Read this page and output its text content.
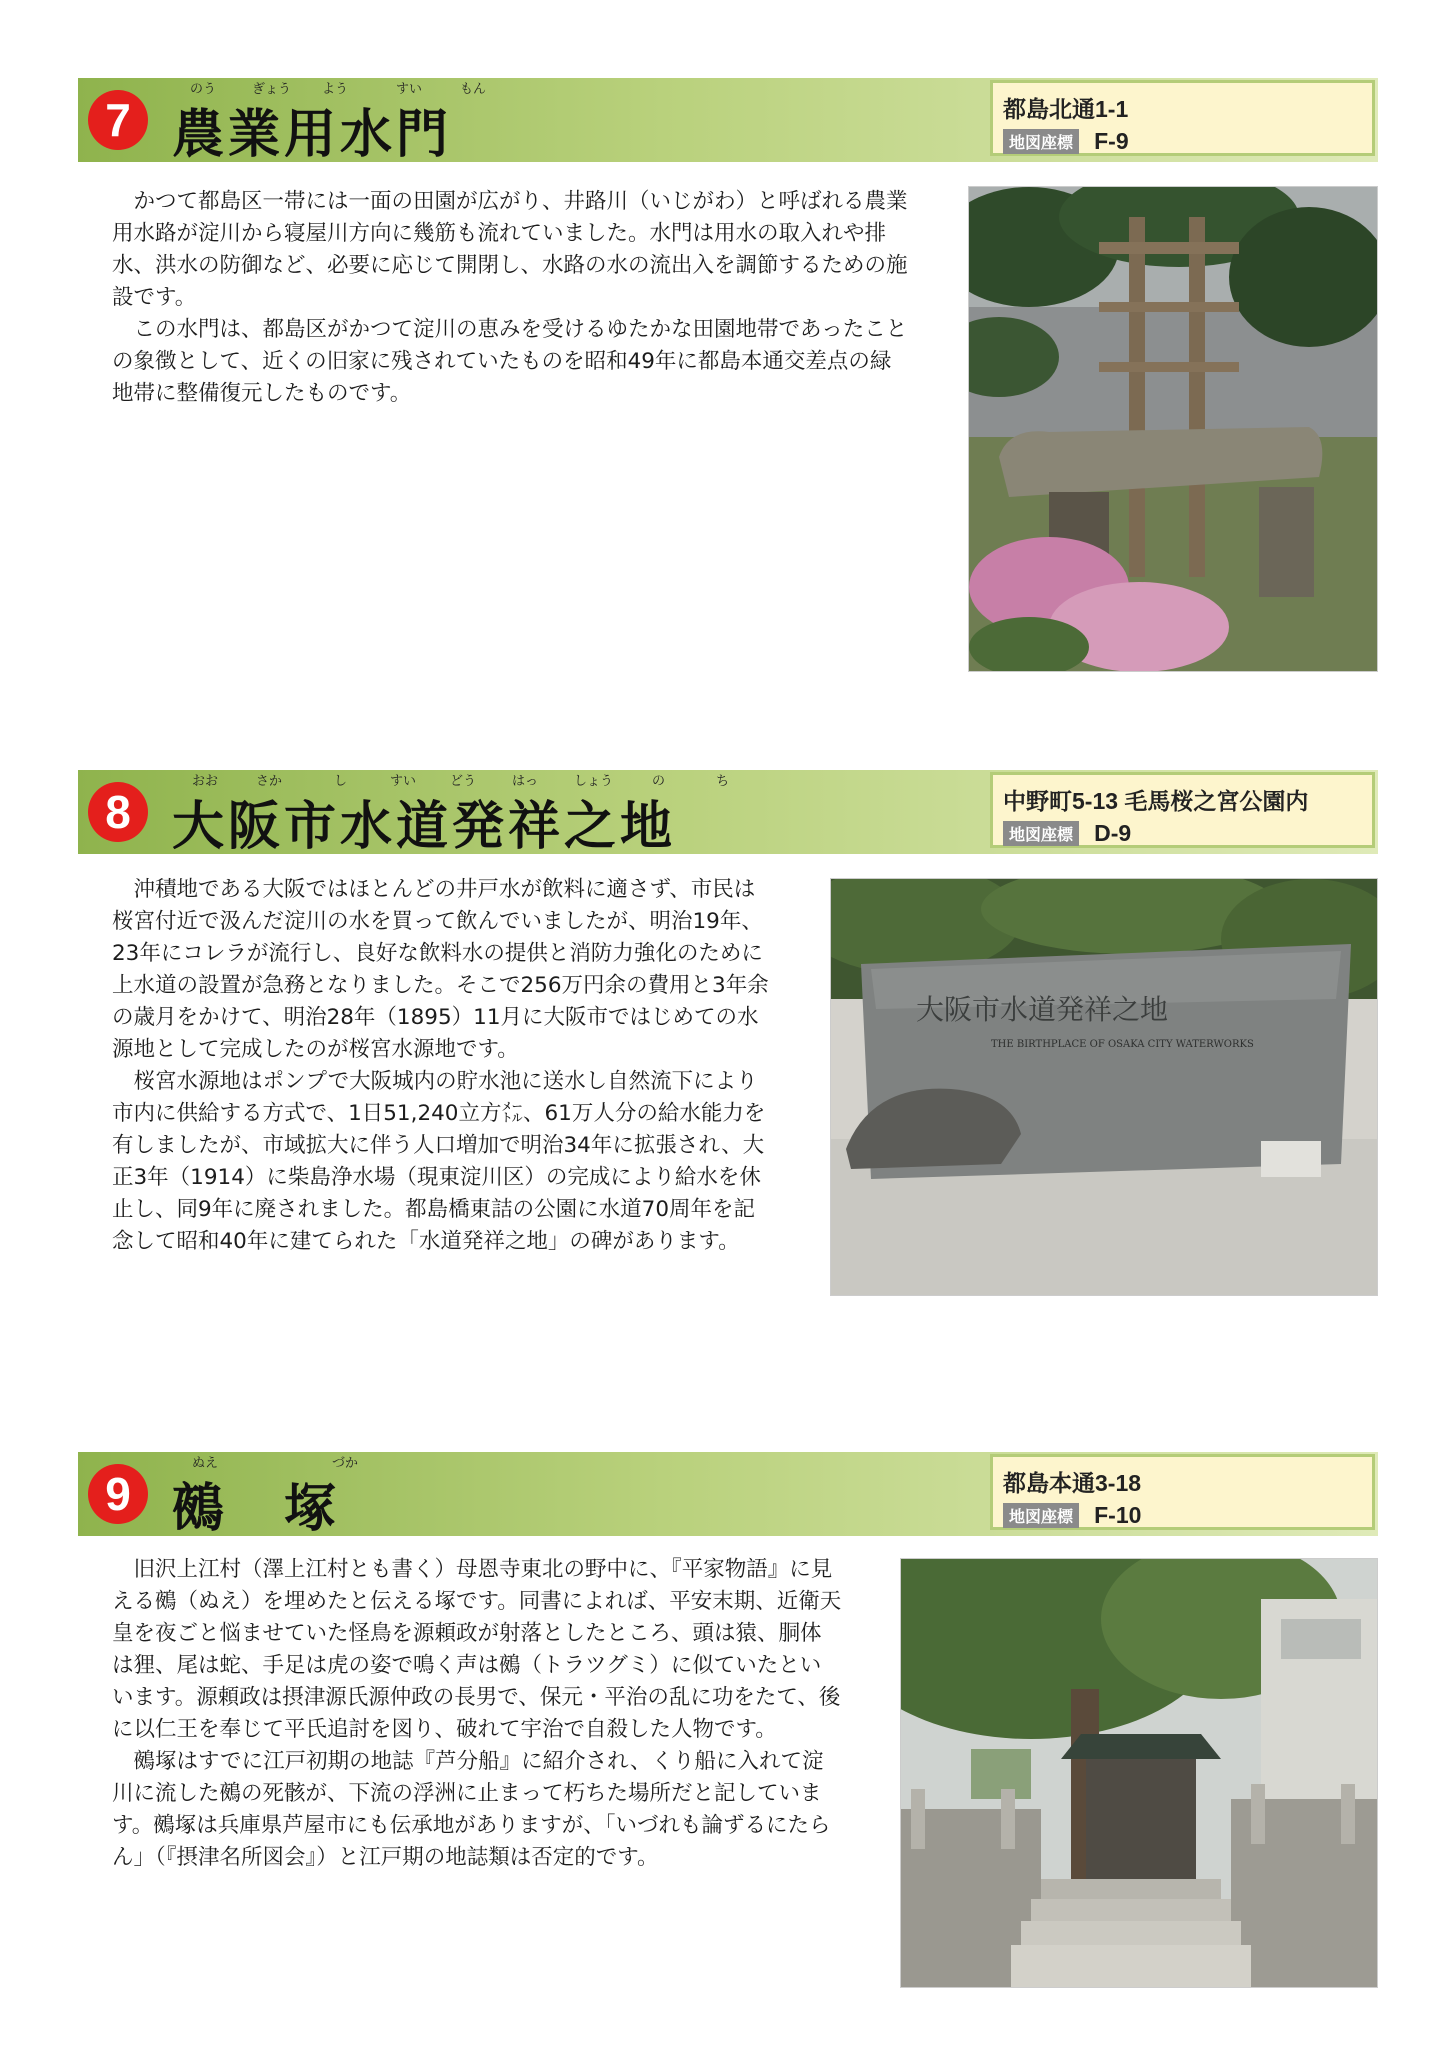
7
のう	ぎょう よう	すい	もん
農業用水門	都島北通1-1
地図座標 F-9

かつて都島区一帯には一面の田園が広がり、井路川（いじがわ）と呼ばれる農業用水路が淀川から寝屋川方向に幾筋も流れていました。水門は用水の取入れや排水、洪水の防御など、必要に応じて開閉し、水路の水の流出入を調節するための施設です。

この水門は、都島区がかつて淀川の恵みを受けるゆたかな田園地帯であったことの象徴として、近くの旧家に残されていたものを昭和49年に都島本通交差点の緑地帯に整備復元したものです。

8
おお	さか	し	すい	どう	はっ	しょう	の	ち
大阪市水道発祥之地	中野町5-13 毛馬桜之宮公園内
地図座標 D-9

沖積地である大阪ではほとんどの井戸水が飲料に適さず、市民は桜宮付近で汲んだ淀川の水を買って飲んでいましたが、明治19年、23年にコレラが流行し、良好な飲料水の提供と消防力強化のために上水道の設置が急務となりました。そこで256万円余の費用と3年余の歳月をかけて、明治28年（1895）11月に大阪市ではじめての水源地として完成したのが桜宮水源地です。

桜宮水源地はポンプで大阪城内の貯水池に送水し自然流下により市内に供給する方式で、1日51,240立方㍍、61万人分の給水能力を有しましたが、市域拡大に伴う人口増加で明治34年に拡張され、大正3年（1914）に柴島浄水場（現東淀川区）の完成により給水を休止し、同9年に廃されました。都島橋東詰の公園に水道70周年を記念して昭和40年に建てられた「水道発祥之地」の碑があります。

大阪市水道発祥之地
THE BIRTHPLACE OF OSAKA CITY WATERWORKS
9
ぬえ	づか
鵺　塚	都島本通3-18
地図座標 F-10

旧沢上江村（澤上江村とも書く）母恩寺東北の野中に、『平家物語』に見える鵺（ぬえ）を埋めたと伝える塚です。同書によれば、平安末期、近衛天皇を夜ごと悩ませていた怪鳥を源頼政が射落としたところ、頭は猿、胴体は狸、尾は蛇、手足は虎の姿で鳴く声は鵺（トラツグミ）に似ていたといいます。源頼政は摂津源氏源仲政の長男で、保元・平治の乱に功をたて、後に以仁王を奉じて平氏追討を図り、破れて宇治で自殺した人物です。

鵺塚はすでに江戸初期の地誌『芦分船』に紹介され、くり船に入れて淀川に流した鵺の死骸が、下流の浮洲に止まって朽ちた場所だと記しています。鵺塚は兵庫県芦屋市にも伝承地がありますが、「いづれも論ずるにたらん」（『摂津名所図会』）と江戸期の地誌類は否定的です。
